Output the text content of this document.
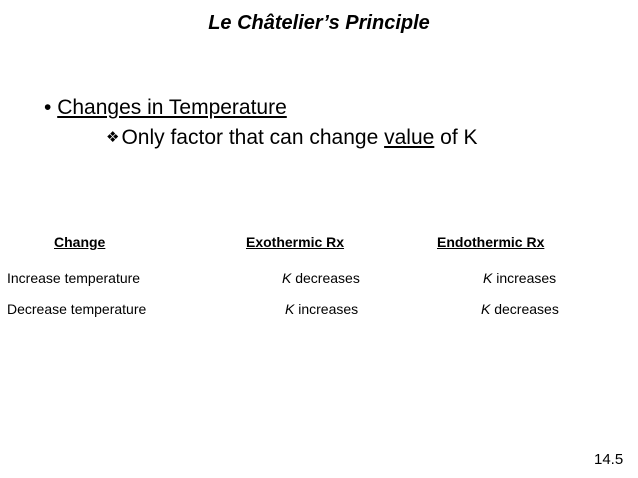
Le Châtelier’s Principle
• Changes in Temperature
❖Only factor that can change value of K
Change	Exothermic Rx	Endothermic Rx
Increase temperature	K decreases	K increases
Decrease temperature	K increases	K decreases
14.5
